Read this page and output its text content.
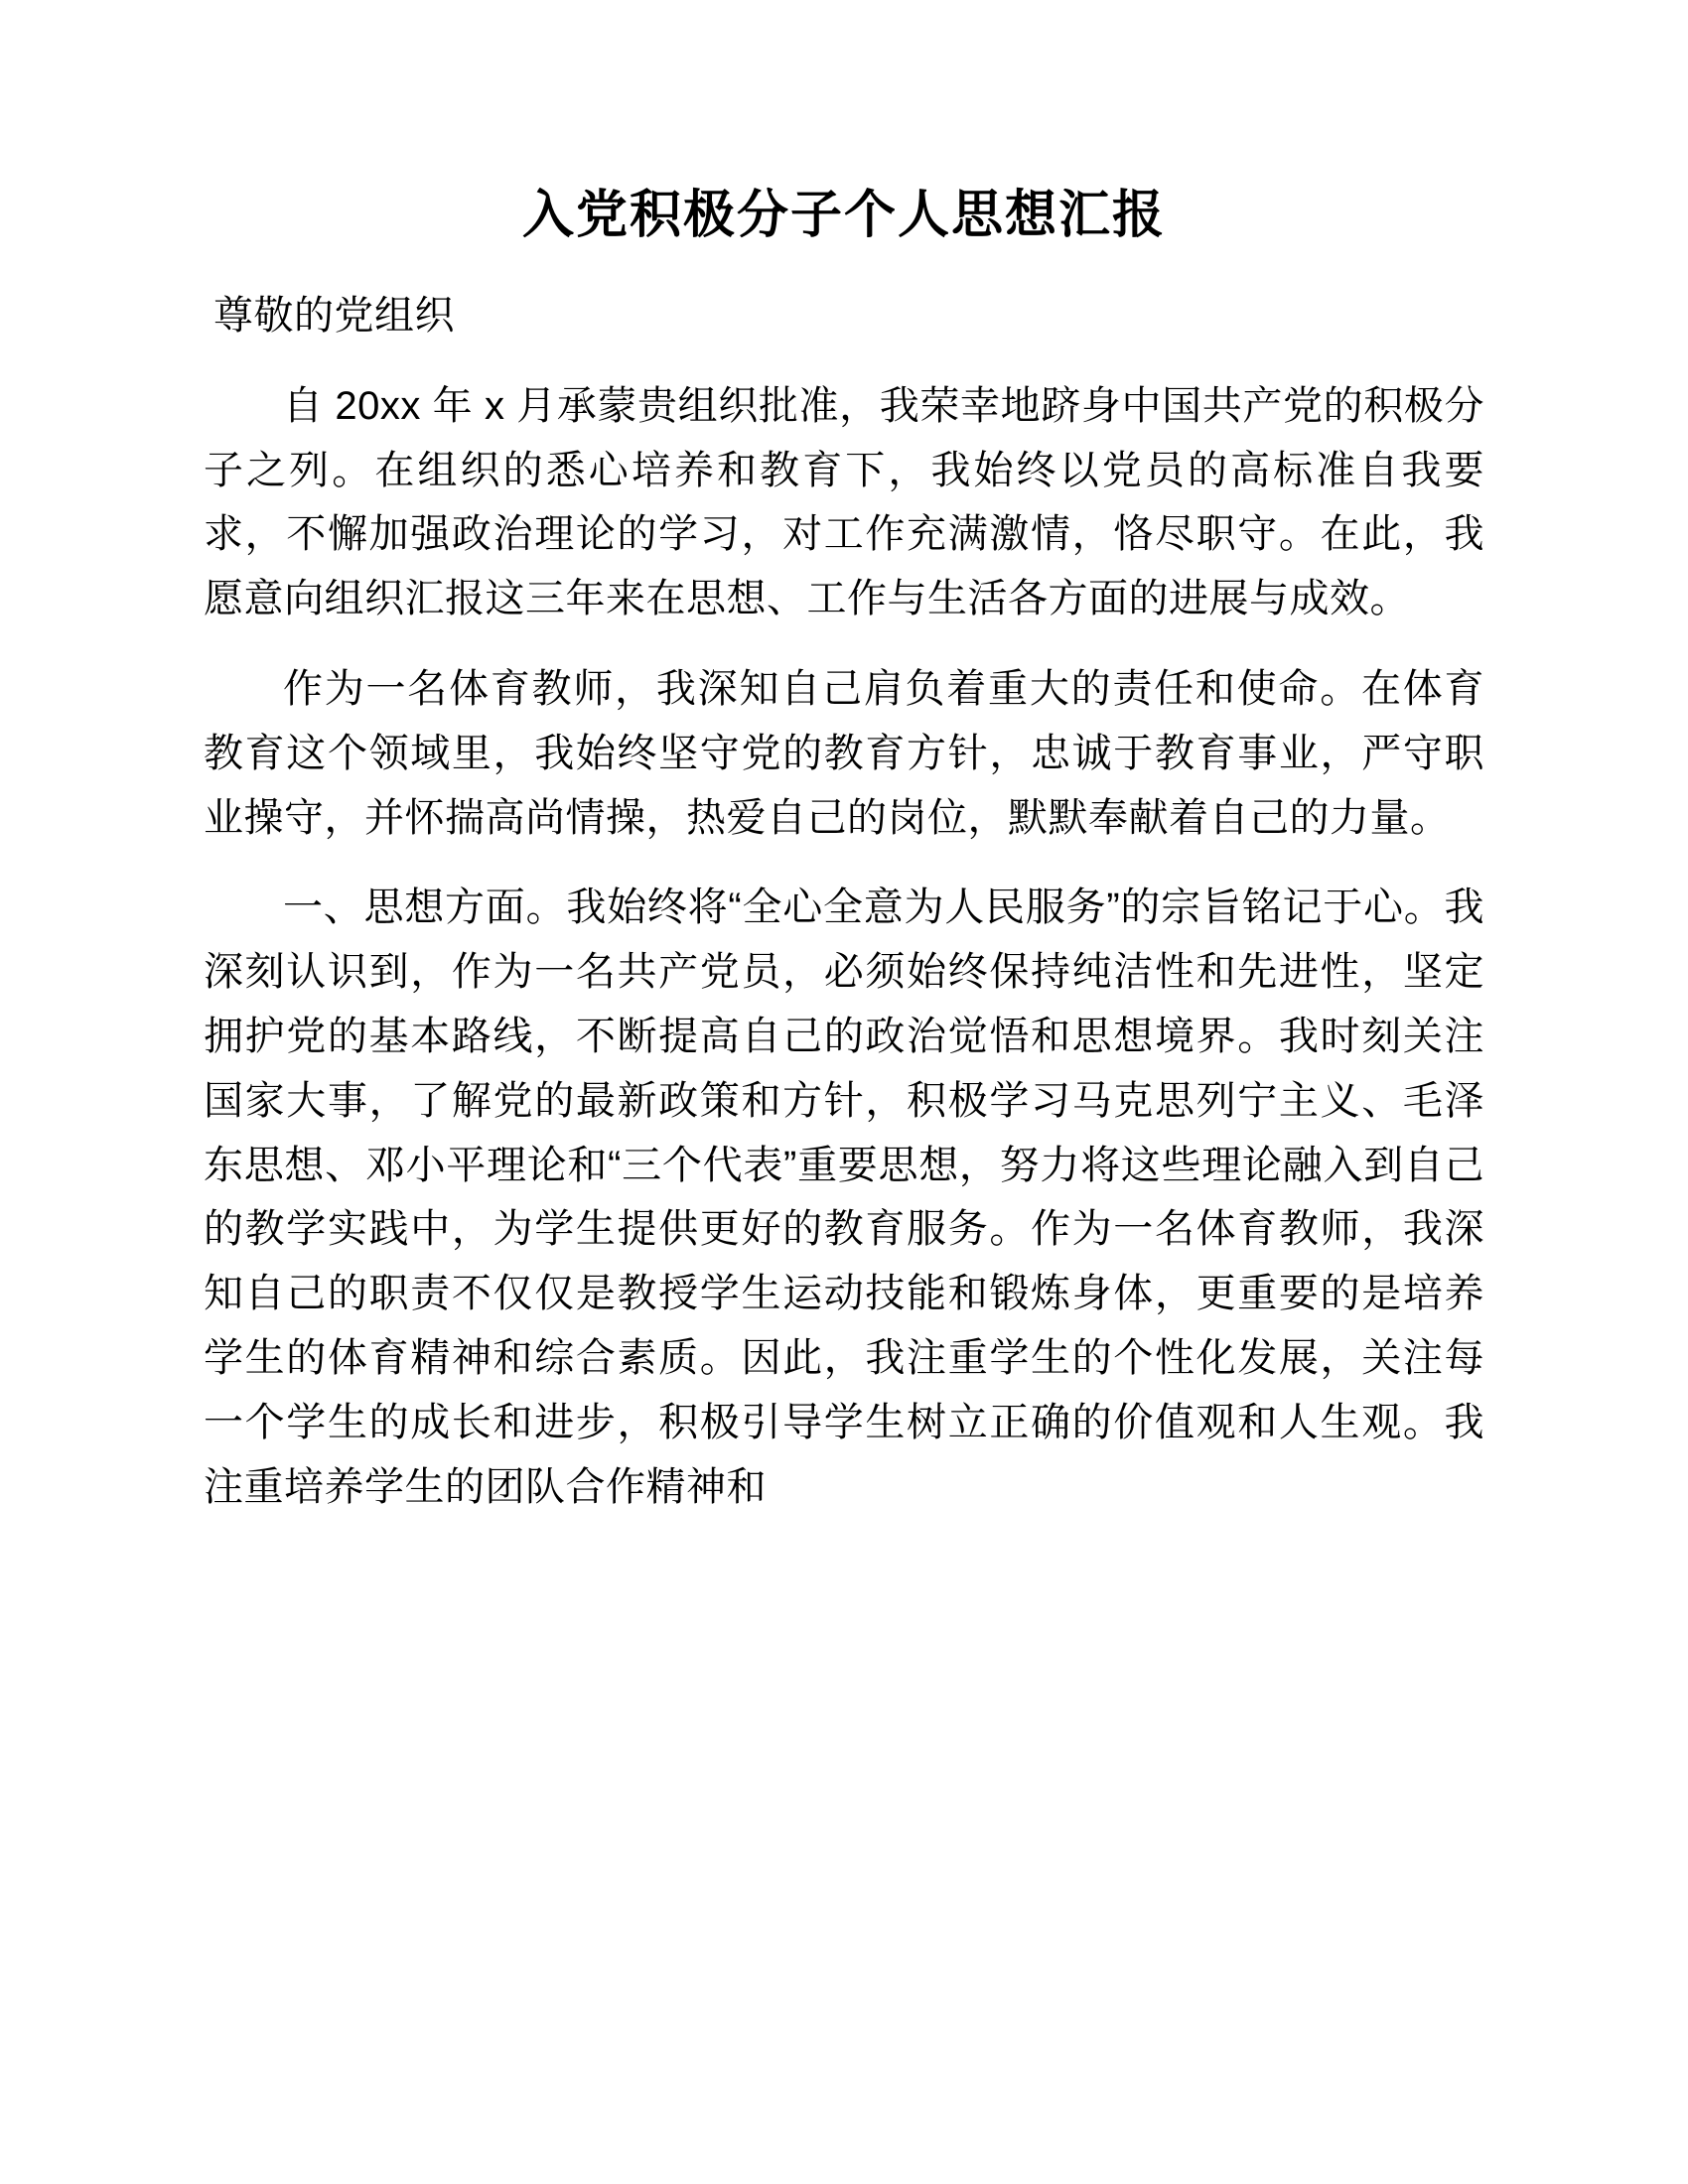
入党积极分子个人思想汇报

尊敬的党组织

自 20xx 年 x 月承蒙贵组织批准，我荣幸地跻身中国共产党的积极分子之列。在组织的悉心培养和教育下，我始终以党员的高标准自我要求，不懈加强政治理论的学习，对工作充满激情，恪尽职守。在此，我愿意向组织汇报这三年来在思想、工作与生活各方面的进展与成效。

作为一名体育教师，我深知自己肩负着重大的责任和使命。在体育教育这个领域里，我始终坚守党的教育方针，忠诚于教育事业，严守职业操守，并怀揣高尚情操，热爱自己的岗位，默默奉献着自己的力量。

一、思想方面。我始终将“全心全意为人民服务”的宗旨铭记于心。我深刻认识到，作为一名共产党员，必须始终保持纯洁性和先进性，坚定拥护党的基本路线，不断提高自己的政治觉悟和思想境界。我时刻关注国家大事，了解党的最新政策和方针，积极学习马克思列宁主义、毛泽东思想、邓小平理论和“三个代表”重要思想，努力将这些理论融入到自己的教学实践中，为学生提供更好的教育服务。作为一名体育教师，我深知自己的职责不仅仅是教授学生运动技能和锻炼身体，更重要的是培养学生的体育精神和综合素质。因此，我注重学生的个性化发展，关注每一个学生的成长和进步，积极引导学生树立正确的价值观和人生观。我注重培养学生的团队合作精神和
